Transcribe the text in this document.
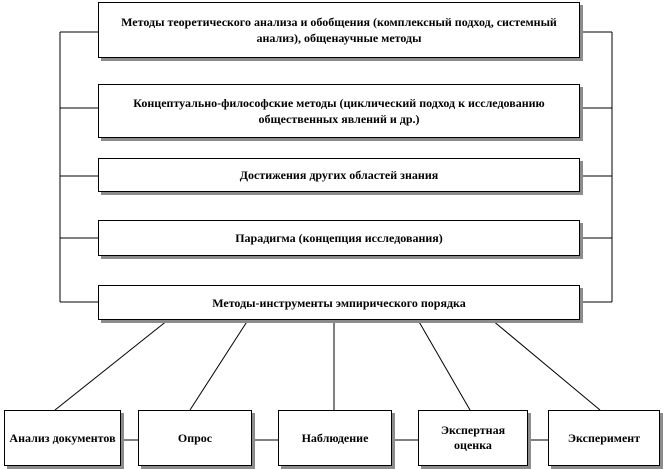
Методы теоретического анализа и обобщения (комплексный подход, системный анализ), общенаучные методы
Концептуально-философские методы (циклический подход к исследованию общественных явлений и др.)
Достижения других областей знания
Парадигма (концепция исследования)
Методы-инструменты эмпирического порядка
Анализ документов	Опрос	Наблюдение
Экспертная оценка
Эксперимент
